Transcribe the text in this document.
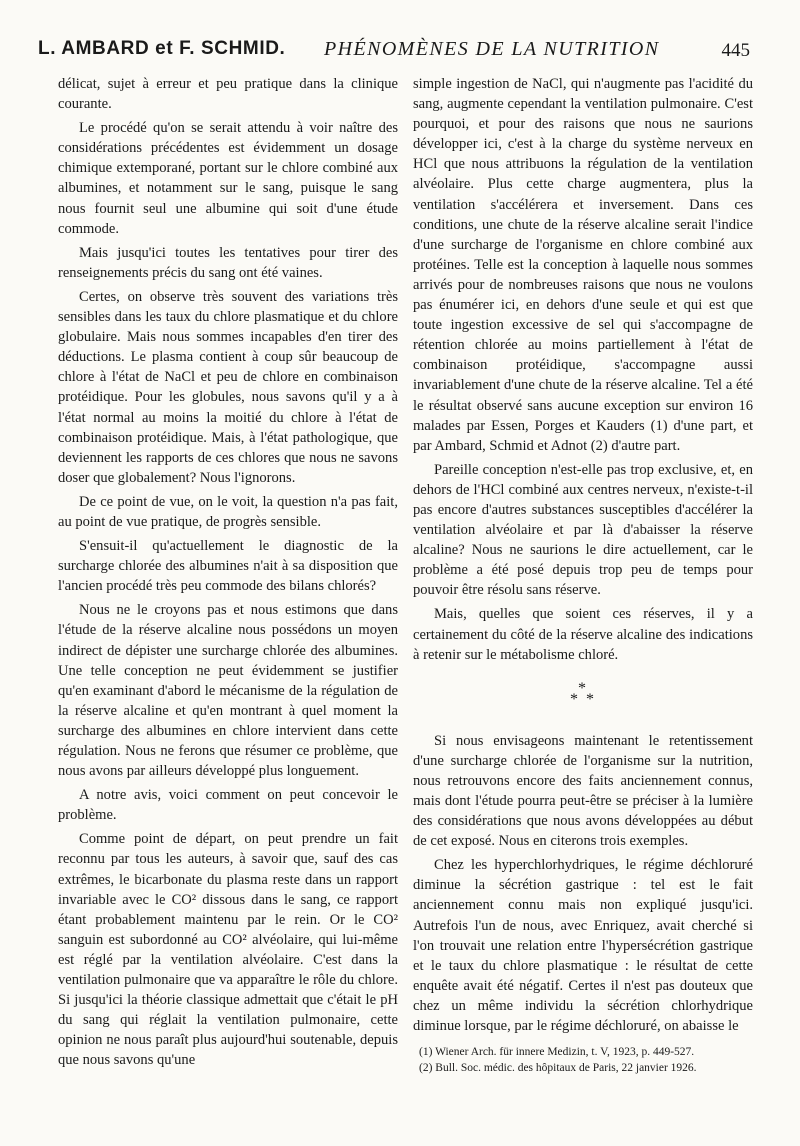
L. AMBARD et F. SCHMID. PHÉNOMÈNES DE LA NUTRITION	445

délicat, sujet à erreur et peu pratique dans la clinique courante.

Le procédé qu'on se serait attendu à voir naître des considérations précédentes est évidemment un dosage chimique extemporané, portant sur le chlore combiné aux albumines, et notamment sur le sang, puisque le sang nous fournit seul une albumine qui soit d'une étude commode.

Mais jusqu'ici toutes les tentatives pour tirer des renseignements précis du sang ont été vaines.

Certes, on observe très souvent des variations très sensibles dans les taux du chlore plasmatique et du chlore globulaire. Mais nous sommes incapables d'en tirer des déductions. Le plasma contient à coup sûr beaucoup de chlore à l'état de NaCl et peu de chlore en combinaison protéidique. Pour les globules, nous savons qu'il y a à l'état normal au moins la moitié du chlore à l'état de combinaison protéidique. Mais, à l'état pathologique, que deviennent les rapports de ces chlores que nous ne savons doser que globalement? Nous l'ignorons.

De ce point de vue, on le voit, la question n'a pas fait, au point de vue pratique, de progrès sensible.

S'ensuit-il qu'actuellement le diagnostic de la surcharge chlorée des albumines n'ait à sa disposition que l'ancien procédé très peu commode des bilans chlorés?

Nous ne le croyons pas et nous estimons que dans l'étude de la réserve alcaline nous possédons un moyen indirect de dépister une surcharge chlorée des albumines. Une telle conception ne peut évidemment se justifier qu'en examinant d'abord le mécanisme de la régulation de la réserve alcaline et qu'en montrant à quel moment la surcharge des albumines en chlore intervient dans cette régulation. Nous ne ferons que résumer ce problème, que nous avons par ailleurs développé plus longuement.

A notre avis, voici comment on peut concevoir le problème.

Comme point de départ, on peut prendre un fait reconnu par tous les auteurs, à savoir que, sauf des cas extrêmes, le bicarbonate du plasma reste dans un rapport invariable avec le CO² dissous dans le sang, ce rapport étant probablement maintenu par le rein. Or le CO² sanguin est subordonné au CO² alvéolaire, qui lui-même est réglé par la ventilation alvéolaire. C'est dans la ventilation pulmonaire que va apparaître le rôle du chlore. Si jusqu'ici la théorie classique admettait que c'était le pH du sang qui réglait la ventilation pulmonaire, cette opinion ne nous paraît plus aujourd'hui soutenable, depuis que nous savons qu'une

simple ingestion de NaCl, qui n'augmente pas l'acidité du sang, augmente cependant la ventilation pulmonaire. C'est pourquoi, et pour des raisons que nous ne saurions développer ici, c'est à la charge du système nerveux en HCl que nous attribuons la régulation de la ventilation alvéolaire. Plus cette charge augmentera, plus la ventilation s'accélérera et inversement. Dans ces conditions, une chute de la réserve alcaline serait l'indice d'une surcharge de l'organisme en chlore combiné aux protéines. Telle est la conception à laquelle nous sommes arrivés pour de nombreuses raisons que nous ne voulons pas énumérer ici, en dehors d'une seule et qui est que toute ingestion excessive de sel qui s'accompagne de rétention chlorée au moins partiellement à l'état de combinaison protéidique, s'accompagne aussi invariablement d'une chute de la réserve alcaline. Tel a été le résultat observé sans aucune exception sur environ 16 malades par Essen, Porges et Kauders (1) d'une part, et par Ambard, Schmid et Adnot (2) d'autre part.

Pareille conception n'est-elle pas trop exclusive, et, en dehors de l'HCl combiné aux centres nerveux, n'existe-t-il pas encore d'autres substances susceptibles d'accélérer la ventilation alvéolaire et par là d'abaisser la réserve alcaline? Nous ne saurions le dire actuellement, car le problème a été posé depuis trop peu de temps pour pouvoir être résolu sans réserve.

Mais, quelles que soient ces réserves, il y a certainement du côté de la réserve alcaline des indications à retenir sur le métabolisme chloré.

*
* *

Si nous envisageons maintenant le retentissement d'une surcharge chlorée de l'organisme sur la nutrition, nous retrouvons encore des faits anciennement connus, mais dont l'étude pourra peut-être se préciser à la lumière des considérations que nous avons développées au début de cet exposé. Nous en citerons trois exemples.

Chez les hyperchlorhydriques, le régime déchloruré diminue la sécrétion gastrique : tel est le fait anciennement connu mais non expliqué jusqu'ici. Autrefois l'un de nous, avec Enriquez, avait cherché si l'on trouvait une relation entre l'hypersécrétion gastrique et le taux du chlore plasmatique : le résultat de cette enquête avait été négatif. Certes il n'est pas douteux que chez un même individu la sécrétion chlorhydrique diminue lorsque, par le régime déchloruré, on abaisse le

(1) Wiener Arch. für innere Medizin, t. V, 1923, p. 449-527.
(2) Bull. Soc. médic. des hôpitaux de Paris, 22 janvier 1926.
